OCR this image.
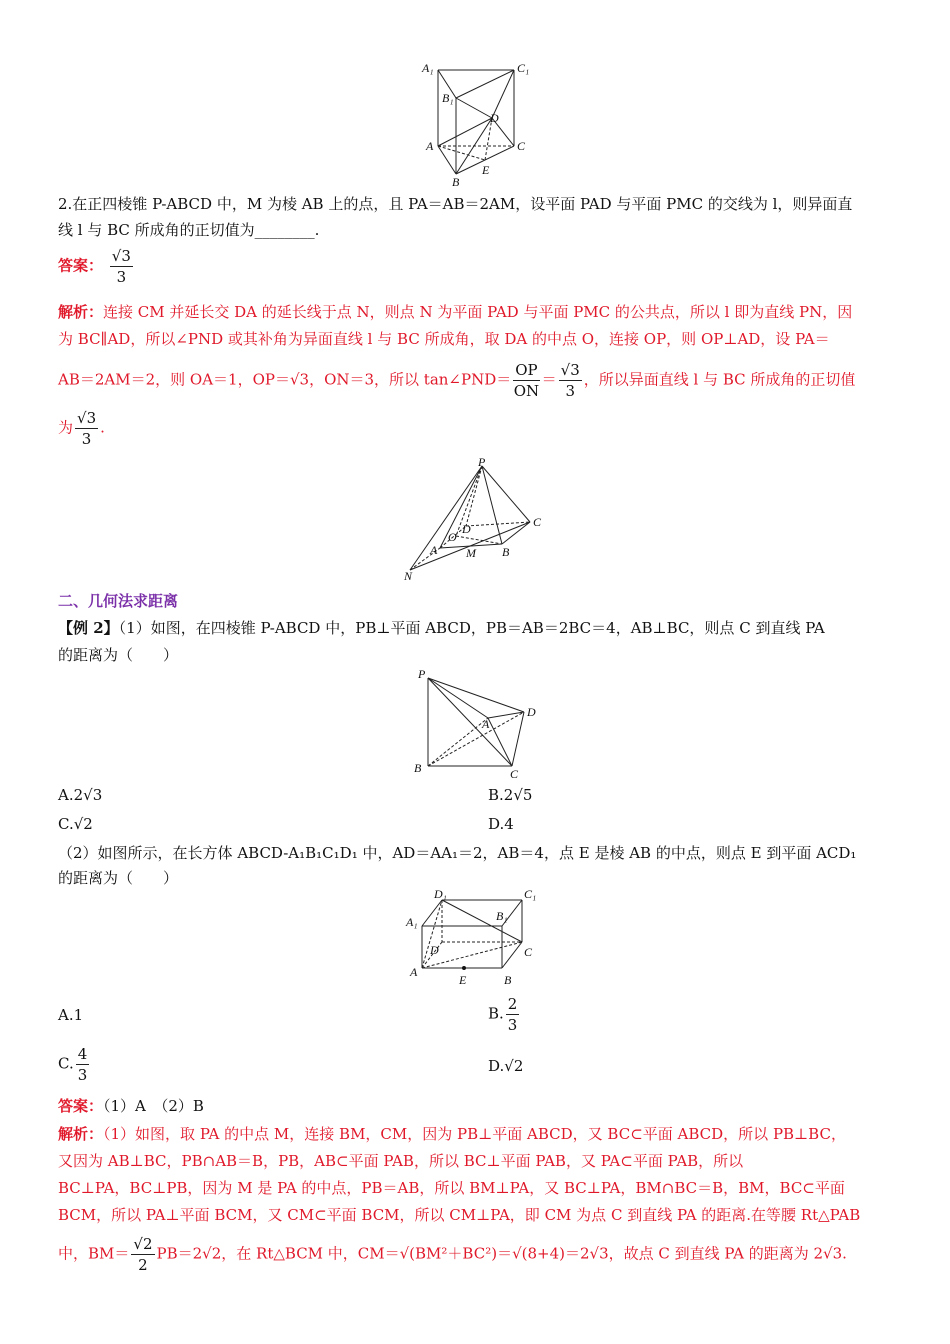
A₁	C₁
B₁
D
A	C
B
E
2.在正四棱锥 P-ABCD 中，M 为棱 AB 上的点，且 PA＝AB＝2AM，设平面 PAD 与平面 PMC 的交线为 l，则异面直
线 l 与 BC 所成角的正切值为________.
答案： $\frac{√3}{3}$
解析：连接 CM 并延长交 DA 的延长线于点 N，则点 N 为平面 PAD 与平面 PMC 的公共点，所以 l 即为直线 PN，因
为 BC∥AD，所以∠PND 或其补角为异面直线 l 与 BC 所成角，取 DA 的中点 O，连接 OP，则 OP⊥AD，设 PA＝
AB＝2AM＝2，则 OA＝1，OP＝√3，ON＝3，所以 tan∠PND＝ $\frac{OP}{ON} = \frac{√3}{3}$ ，所以异面直线 l 与 BC 所成角的正切值
为 $\frac{√3}{3}$ .
P
C
D
O
A M B
N
二、几何法求距离
【例 2】（1）如图，在四棱锥 P-ABCD 中，PB⊥平面 ABCD，PB＝AB＝2BC＝4，AB⊥BC，则点 C 到直线 PA
的距离为（　　）
P
D
A
B	C
A.2√3	B.2√5
C.√2	D.4
（2）如图所示，在长方体 ABCD-A₁B₁C₁D₁ 中，AD＝AA₁＝2，AB＝4，点 E 是棱 AB 的中点，则点 E 到平面 ACD₁
的距离为（　　）
D₁	C₁
A₁	B₁
D	C
A
E	B
A.1	B. $\frac{2}{3}$
C. $\frac{4}{3}$	D.√2
答案：（1）A　（2）B
解析：（1）如图，取 PA 的中点 M，连接 BM，CM，因为 PB⊥平面 ABCD，又 BC⊂平面 ABCD，所以 PB⊥BC，
又因为 AB⊥BC，PB∩AB＝B，PB，AB⊂平面 PAB，所以 BC⊥平面 PAB，又 PA⊂平面 PAB，所以
BC⊥PA，BC⊥PB，因为 M 是 PA 的中点，PB＝AB，所以 BM⊥PA，又 BC⊥PA，BM∩BC＝B，BM，BC⊂平面
BCM，所以 PA⊥平面 BCM，又 CM⊂平面 BCM，所以 CM⊥PA，即 CM 为点 C 到直线 PA 的距离.在等腰 Rt△PAB
中，$BM= \frac{√2}{2} PB=2√2$，在 Rt△BCM 中，CM＝√(BM²＋BC²)＝√(8+4)＝2√3，故点 C 到直线 PA 的距离为 2√3.
